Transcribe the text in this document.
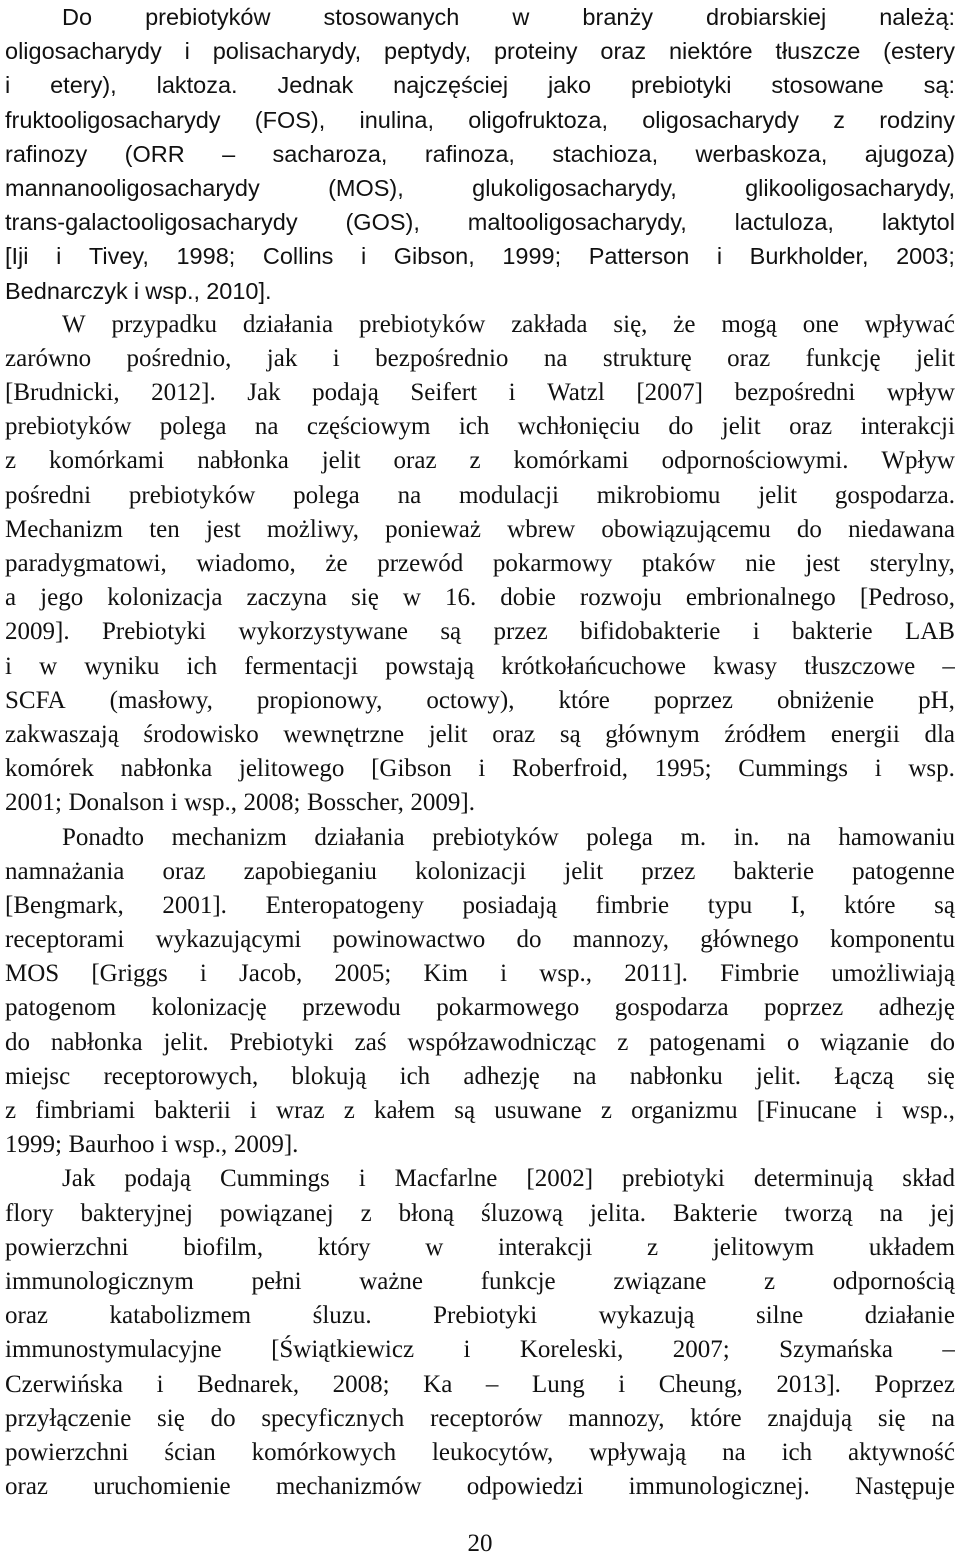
Do prebiotyków stosowanych w branży drobiarskiej należą:
oligosacharydy i polisacharydy, peptydy, proteiny oraz niektóre tłuszcze (estery
i etery), laktoza. Jednak najczęściej jako prebiotyki stosowane są:
fruktooligosacharydy (FOS), inulina, oligofruktoza, oligosacharydy z rodziny
rafinozy (ORR – sacharoza, rafinoza, stachioza, werbaskoza, ajugoza)
mannanooligosacharydy	(MOS),	glukoligosacharydy,	glikooligosacharydy,
trans-galactooligosacharydy (GOS), maltooligosacharydy, lactuloza, laktytol
[Iji i Tivey, 1998; Collins i Gibson, 1999; Patterson i Burkholder, 2003;
Bednarczyk i wsp., 2010].
W przypadku działania prebiotyków zakłada się, że mogą one wpływać
zarówno pośrednio, jak i bezpośrednio na strukturę oraz funkcję jelit
[Brudnicki, 2012]. Jak podają Seifert i Watzl [2007] bezpośredni wpływ
prebiotyków polega na częściowym ich wchłonięciu do jelit oraz interakcji
z komórkami nabłonka jelit oraz z komórkami odpornościowymi. Wpływ
pośredni prebiotyków polega na modulacji mikrobiomu jelit gospodarza.
Mechanizm ten jest możliwy, ponieważ wbrew obowiązującemu do niedawana
paradygmatowi, wiadomo, że przewód pokarmowy ptaków nie jest sterylny,
a jego kolonizacja zaczyna się w 16. dobie rozwoju embrionalnego [Pedroso,
2009]. Prebiotyki wykorzystywane są przez bifidobakterie i bakterie LAB
i w wyniku ich fermentacji powstają krótkołańcuchowe kwasy tłuszczowe –
SCFA (masłowy, propionowy, octowy), które poprzez obniżenie pH,
zakwaszają środowisko wewnętrzne jelit oraz są głównym źródłem energii dla
komórek nabłonka jelitowego [Gibson i Roberfroid, 1995; Cummings i wsp.
2001; Donalson i wsp., 2008; Bosscher, 2009].
Ponadto mechanizm działania prebiotyków polega m. in. na hamowaniu
namnażania oraz zapobieganiu kolonizacji jelit przez bakterie patogenne
[Bengmark, 2001]. Enteropatogeny posiadają fimbrie typu I, które są
receptorami wykazującymi powinowactwo do mannozy, głównego komponentu
MOS [Griggs i Jacob, 2005; Kim i wsp., 2011]. Fimbrie umożliwiają
patogenom kolonizację przewodu pokarmowego gospodarza poprzez adhezję
do nabłonka jelit. Prebiotyki zaś współzawodnicząc z patogenami o wiązanie do
miejsc receptorowych, blokują ich adhezję na nabłonku jelit. Łączą się
z fimbriami bakterii i wraz z kałem są usuwane z organizmu [Finucane i wsp.,
1999; Baurhoo i wsp., 2009].
Jak podają Cummings i Macfarlne [2002] prebiotyki determinują skład
flory bakteryjnej powiązanej z błoną śluzową jelita. Bakterie tworzą na jej
powierzchni biofilm, który w interakcji z jelitowym układem
immunologicznym pełni ważne funkcje związane z odpornością
oraz katabolizmem śluzu. Prebiotyki wykazują silne działanie
immunostymulacyjne [Świątkiewicz i Koreleski, 2007; Szymańska –
Czerwińska i Bednarek, 2008; Ka – Lung i Cheung, 2013]. Poprzez
przyłączenie się do specyficznych receptorów mannozy, które znajdują się na
powierzchni ścian komórkowych leukocytów, wpływają na ich aktywność
oraz uruchomienie mechanizmów odpowiedzi immunologicznej. Następuje
20
